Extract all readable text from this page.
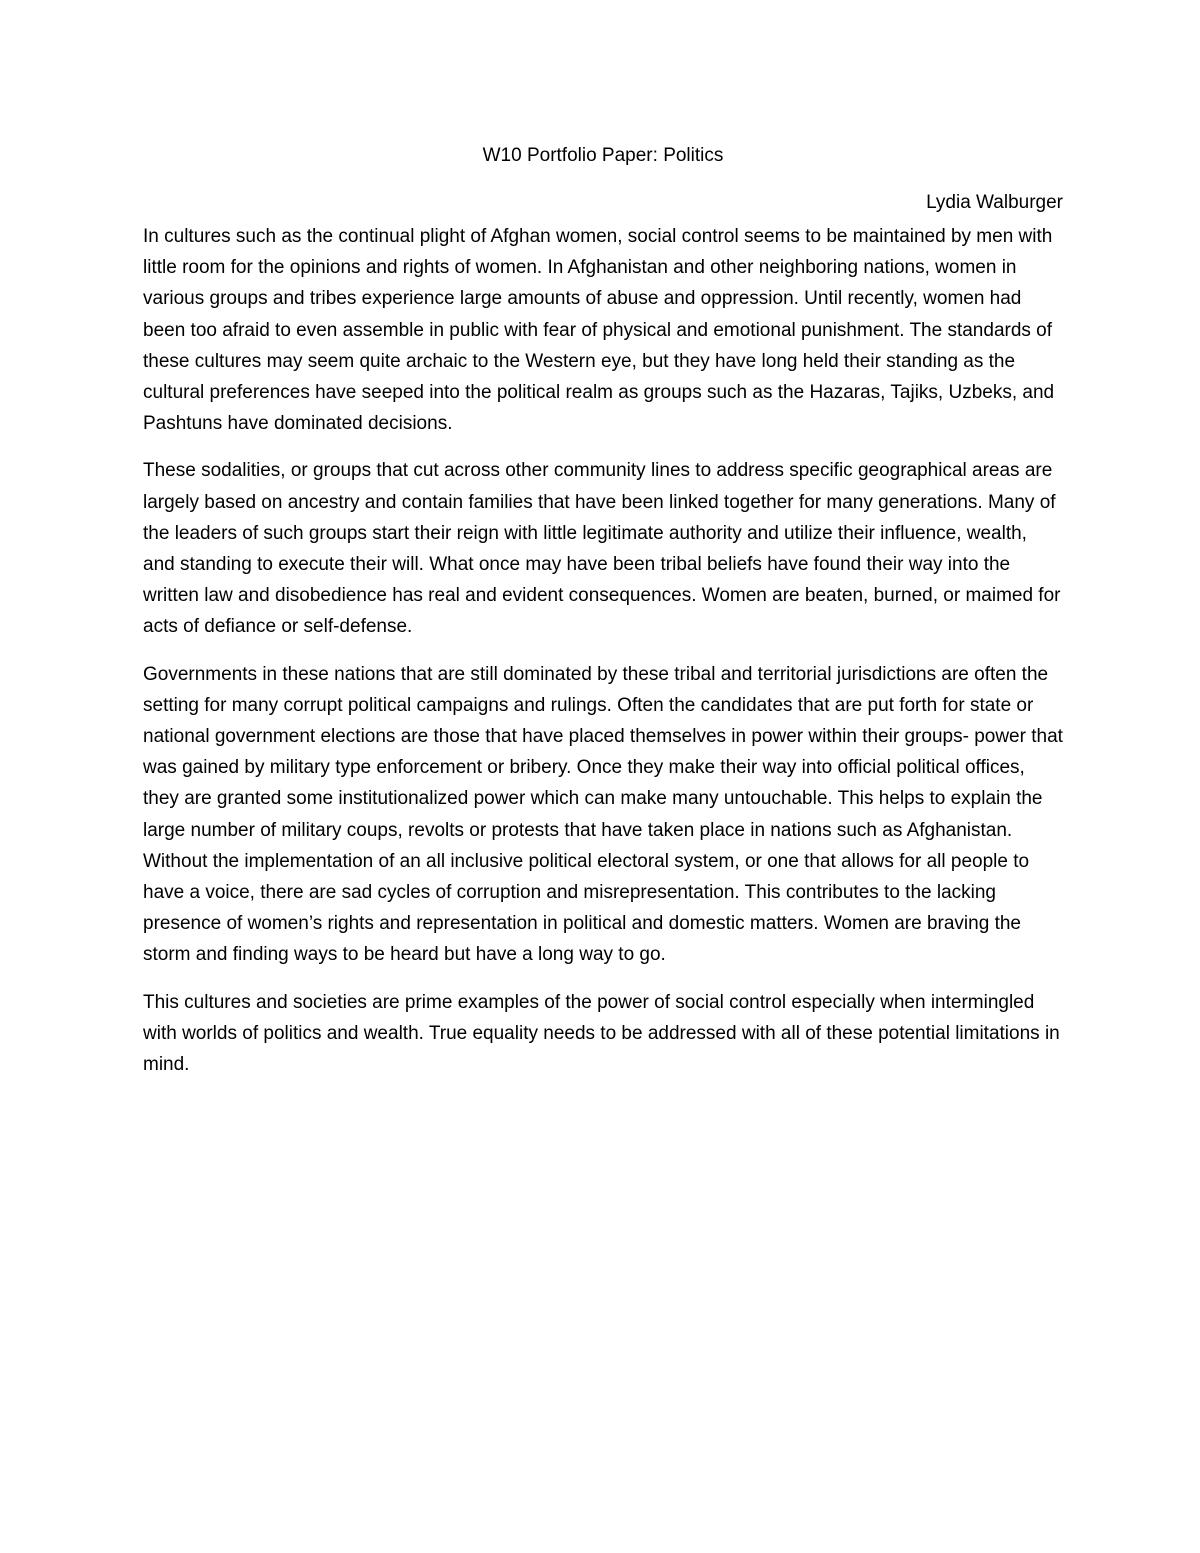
W10 Portfolio Paper: Politics
Lydia Walburger

In cultures such as the continual plight of Afghan women, social control seems to be maintained by men with little room for the opinions and rights of women. In Afghanistan and other neighboring nations, women in various groups and tribes experience large amounts of abuse and oppression. Until recently, women had been too afraid to even assemble in public with fear of physical and emotional punishment. The standards of these cultures may seem quite archaic to the Western eye, but they have long held their standing as the cultural preferences have seeped into the political realm as groups such as the Hazaras, Tajiks, Uzbeks, and Pashtuns have dominated decisions.

These sodalities, or groups that cut across other community lines to address specific geographical areas are largely based on ancestry and contain families that have been linked together for many generations. Many of the leaders of such groups start their reign with little legitimate authority and utilize their influence, wealth, and standing to execute their will. What once may have been tribal beliefs have found their way into the written law and disobedience has real and evident consequences. Women are beaten, burned, or maimed for acts of defiance or self-defense.

Governments in these nations that are still dominated by these tribal and territorial jurisdictions are often the setting for many corrupt political campaigns and rulings. Often the candidates that are put forth for state or national government elections are those that have placed themselves in power within their groups- power that was gained by military type enforcement or bribery. Once they make their way into official political offices, they are granted some institutionalized power which can make many untouchable. This helps to explain the large number of military coups, revolts or protests that have taken place in nations such as Afghanistan. Without the implementation of an all inclusive political electoral system, or one that allows for all people to have a voice, there are sad cycles of corruption and misrepresentation. This contributes to the lacking presence of women’s rights and representation in political and domestic matters. Women are braving the storm and finding ways to be heard but have a long way to go.

This cultures and societies are prime examples of the power of social control especially when intermingled with worlds of politics and wealth. True equality needs to be addressed with all of these potential limitations in mind.
